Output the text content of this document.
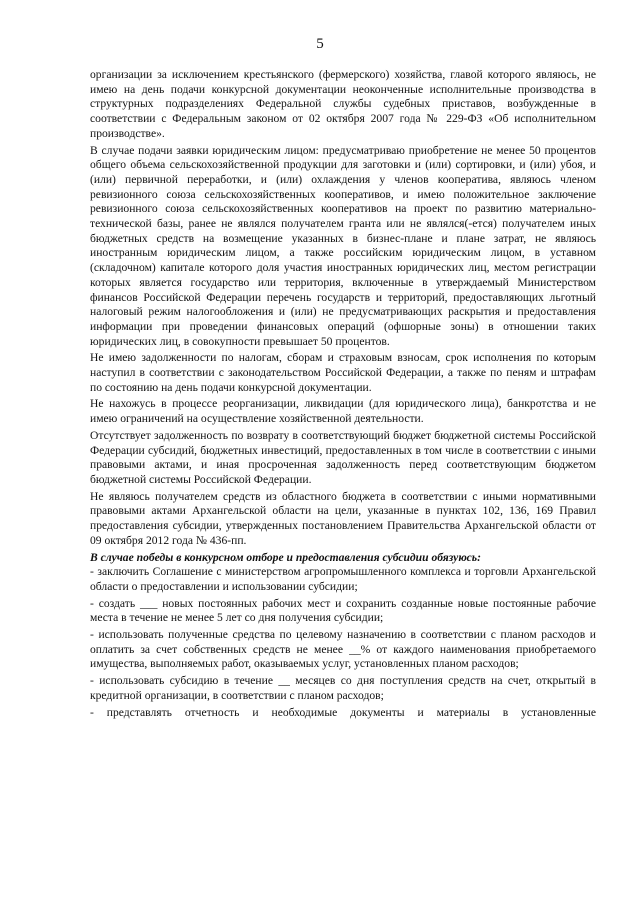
5

организации за исключением крестьянского (фермерского) хозяйства, главой которого являюсь, не имею на день подачи конкурсной документации неоконченные исполнительные производства в структурных подразделениях Федеральной службы судебных приставов, возбужденные в соответствии с Федеральным законом от 02 октября 2007 года № 229-ФЗ «Об исполнительном производстве».

В случае подачи заявки юридическим лицом: предусматриваю приобретение не менее 50 процентов общего объема сельскохозяйственной продукции для заготовки и (или) сортировки, и (или) убоя, и (или) первичной переработки, и (или) охлаждения у членов кооператива, являюсь членом ревизионного союза сельскохозяйственных кооперативов, и имею положительное заключение ревизионного союза сельскохозяйственных кооперативов на проект по развитию материально-технической базы, ранее не являлся получателем гранта или не являлся(-ется) получателем иных бюджетных средств на возмещение указанных в бизнес-плане и плане затрат, не являюсь иностранным юридическим лицом, а также российским юридическим лицом, в уставном (складочном) капитале которого доля участия иностранных юридических лиц, местом регистрации которых является государство или территория, включенные в утверждаемый Министерством финансов Российской Федерации перечень государств и территорий, предоставляющих льготный налоговый режим налогообложения и (или) не предусматривающих раскрытия и предоставления информации при проведении финансовых операций (офшорные зоны) в отношении таких юридических лиц, в совокупности превышает 50 процентов.

Не имею задолженности по налогам, сборам и страховым взносам, срок исполнения по которым наступил в соответствии с законодательством Российской Федерации, а также по пеням и штрафам по состоянию на день подачи конкурсной документации.

Не нахожусь в процессе реорганизации, ликвидации (для юридического лица), банкротства и не имею ограничений на осуществление хозяйственной деятельности.

Отсутствует задолженность по возврату в соответствующий бюджет бюджетной системы Российской Федерации субсидий, бюджетных инвестиций, предоставленных в том числе в соответствии с иными правовыми актами, и иная просроченная задолженность перед соответствующим бюджетом бюджетной системы Российской Федерации.

Не являюсь получателем средств из областного бюджета в соответствии с иными нормативными правовыми актами Архангельской области на цели, указанные в пунктах 102, 136, 169 Правил предоставления субсидии, утвержденных постановлением Правительства Архангельской области от 09 октября 2012 года № 436-пп.

В случае победы в конкурсном отборе и предоставления субсидии обязуюсь:

- заключить Соглашение с министерством агропромышленного комплекса и торговли Архангельской области о предоставлении и использовании субсидии;

- создать ___ новых постоянных рабочих мест и сохранить созданные новые постоянные рабочие места в течение не менее 5 лет со дня получения субсидии;

- использовать полученные средства по целевому назначению в соответствии с планом расходов и оплатить за счет собственных средств не менее __% от каждого наименования приобретаемого имущества, выполняемых работ, оказываемых услуг, установленных планом расходов;

- использовать субсидию в течение __ месяцев со дня поступления средств на счет, открытый в кредитной организации, в соответствии с планом расходов;

- представлять отчетность и необходимые документы и материалы в установленные
